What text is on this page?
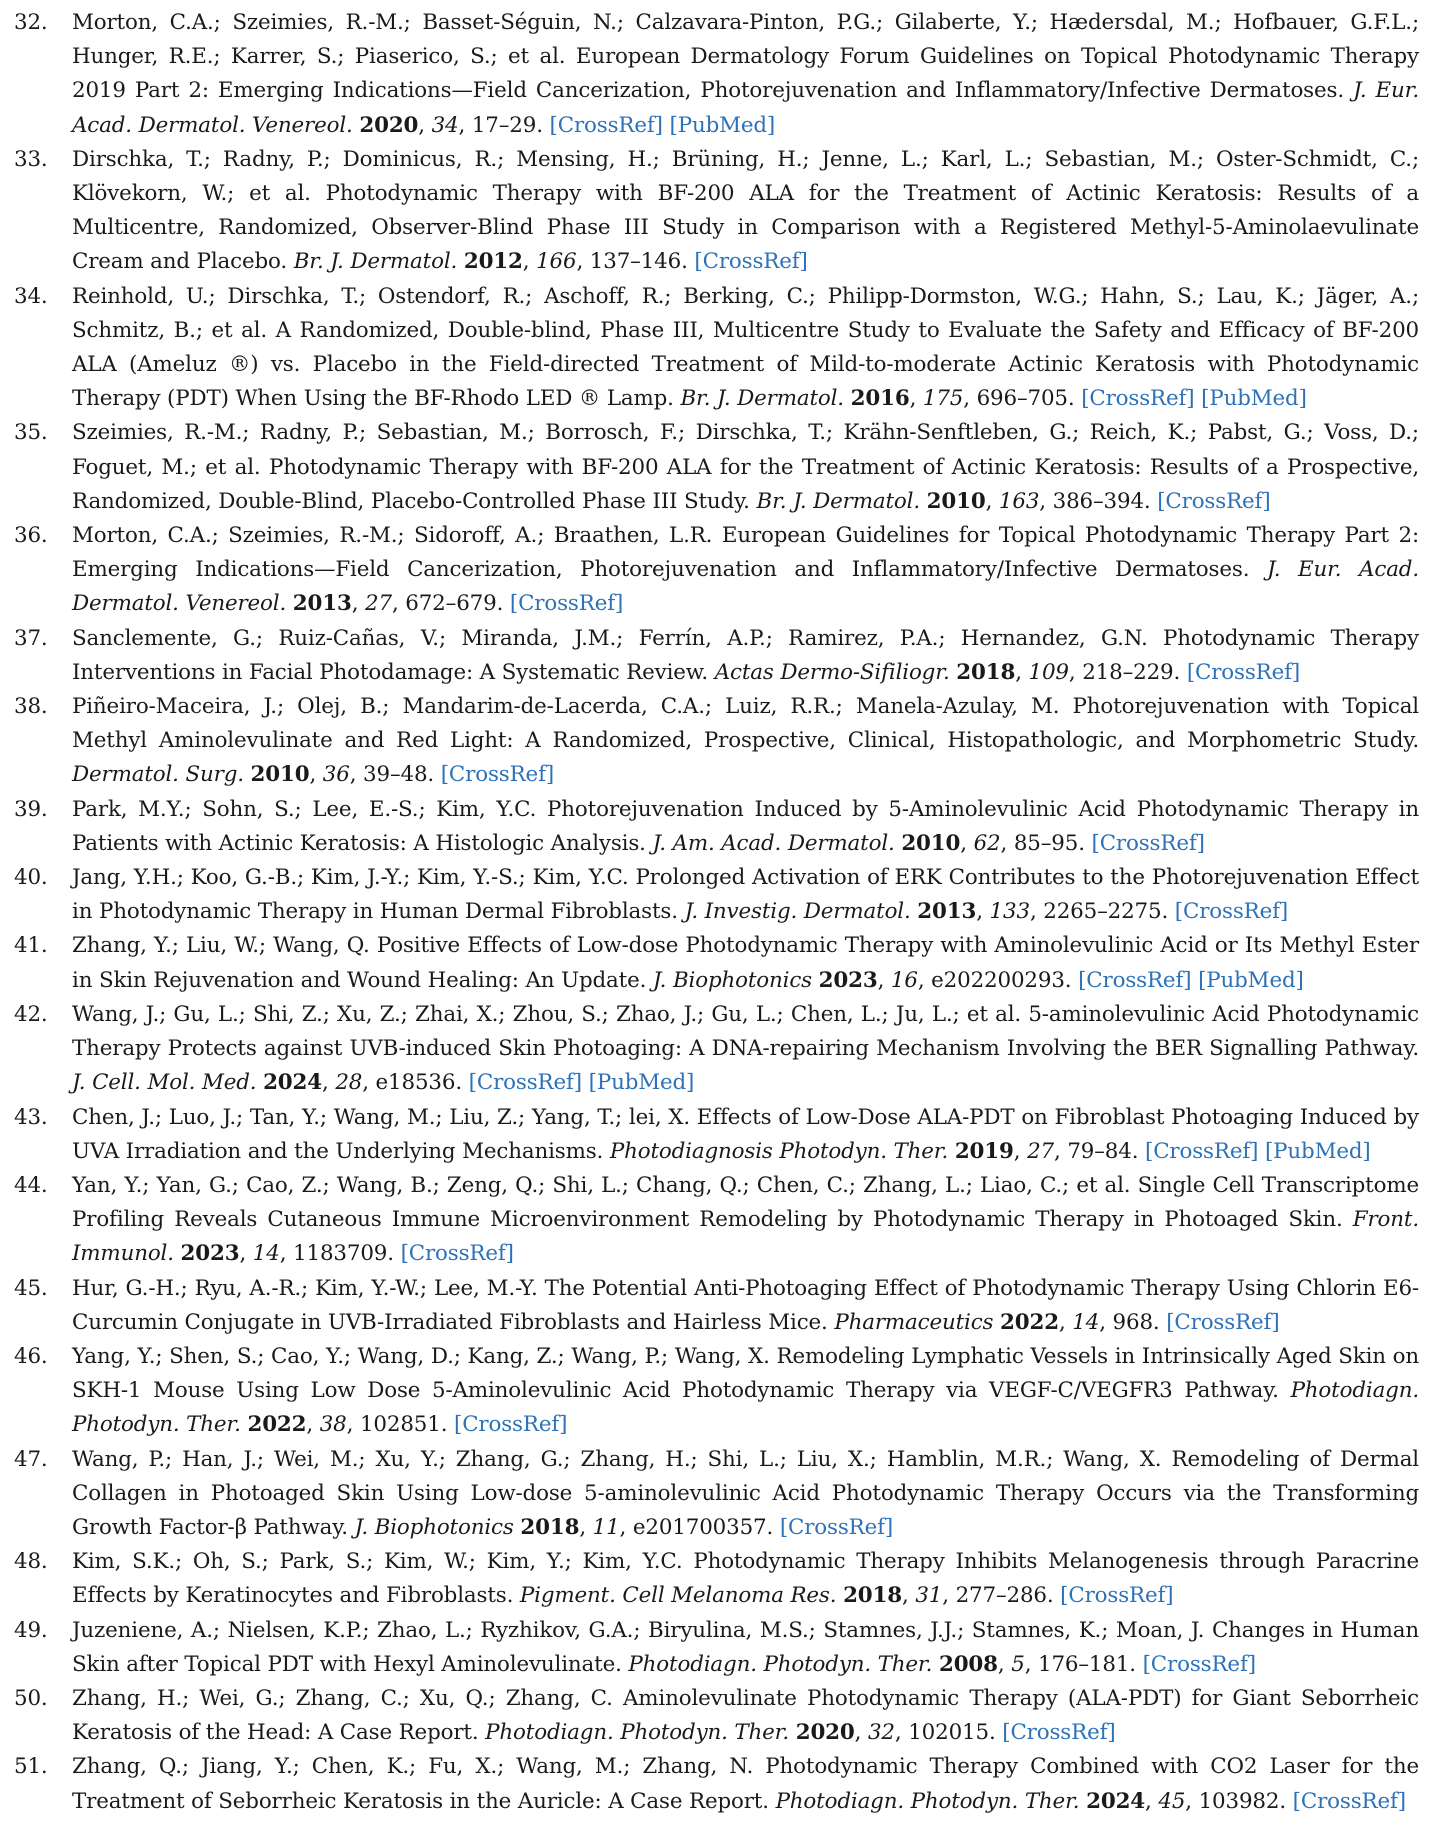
32.	Morton, C.A.; Szeimies, R.-M.; Basset-Séguin, N.; Calzavara-Pinton, P.G.; Gilaberte, Y.; Hædersdal, M.; Hofbauer, G.F.L.; Hunger, R.E.; Karrer, S.; Piaserico, S.; et al. European Dermatology Forum Guidelines on Topical Photodynamic Therapy 2019 Part 2: Emerging Indications—Field Cancerization, Photorejuvenation and Inflammatory/Infective Dermatoses. J. Eur. Acad. Dermatol. Venereol. 2020, 34, 17–29. [CrossRef] [PubMed]
33.	Dirschka, T.; Radny, P.; Dominicus, R.; Mensing, H.; Brüning, H.; Jenne, L.; Karl, L.; Sebastian, M.; Oster-Schmidt, C.; Klövekorn, W.; et al. Photodynamic Therapy with BF-200 ALA for the Treatment of Actinic Keratosis: Results of a Multicentre, Randomized, Observer-Blind Phase III Study in Comparison with a Registered Methyl-5-Aminolaevulinate Cream and Placebo. Br. J. Dermatol. 2012, 166, 137–146. [CrossRef]
34.	Reinhold, U.; Dirschka, T.; Ostendorf, R.; Aschoff, R.; Berking, C.; Philipp-Dormston, W.G.; Hahn, S.; Lau, K.; Jäger, A.; Schmitz, B.; et al. A Randomized, Double-blind, Phase III, Multicentre Study to Evaluate the Safety and Efficacy of BF-200 ALA (Ameluz ®) vs. Placebo in the Field-directed Treatment of Mild-to-moderate Actinic Keratosis with Photodynamic Therapy (PDT) When Using the BF-Rhodo LED ® Lamp. Br. J. Dermatol. 2016, 175, 696–705. [CrossRef] [PubMed]
35.	Szeimies, R.-M.; Radny, P.; Sebastian, M.; Borrosch, F.; Dirschka, T.; Krähn-Senftleben, G.; Reich, K.; Pabst, G.; Voss, D.; Foguet, M.; et al. Photodynamic Therapy with BF-200 ALA for the Treatment of Actinic Keratosis: Results of a Prospective, Randomized, Double-Blind, Placebo-Controlled Phase III Study. Br. J. Dermatol. 2010, 163, 386–394. [CrossRef]
36.	Morton, C.A.; Szeimies, R.-M.; Sidoroff, A.; Braathen, L.R. European Guidelines for Topical Photodynamic Therapy Part 2: Emerging Indications—Field Cancerization, Photorejuvenation and Inflammatory/Infective Dermatoses. J. Eur. Acad. Dermatol. Venereol. 2013, 27, 672–679. [CrossRef]
37.	Sanclemente, G.; Ruiz-Cañas, V.; Miranda, J.M.; Ferrín, A.P.; Ramirez, P.A.; Hernandez, G.N. Photodynamic Therapy Interventions in Facial Photodamage: A Systematic Review. Actas Dermo-Sifiliogr. 2018, 109, 218–229. [CrossRef]
38.	Piñeiro-Maceira, J.; Olej, B.; Mandarim-de-Lacerda, C.A.; Luiz, R.R.; Manela-Azulay, M. Photorejuvenation with Topical Methyl Aminolevulinate and Red Light: A Randomized, Prospective, Clinical, Histopathologic, and Morphometric Study. Dermatol. Surg. 2010, 36, 39–48. [CrossRef]
39.	Park, M.Y.; Sohn, S.; Lee, E.-S.; Kim, Y.C. Photorejuvenation Induced by 5-Aminolevulinic Acid Photodynamic Therapy in Patients with Actinic Keratosis: A Histologic Analysis. J. Am. Acad. Dermatol. 2010, 62, 85–95. [CrossRef]
40.	Jang, Y.H.; Koo, G.-B.; Kim, J.-Y.; Kim, Y.-S.; Kim, Y.C. Prolonged Activation of ERK Contributes to the Photorejuvenation Effect in Photodynamic Therapy in Human Dermal Fibroblasts. J. Investig. Dermatol. 2013, 133, 2265–2275. [CrossRef]
41.	Zhang, Y.; Liu, W.; Wang, Q. Positive Effects of Low-dose Photodynamic Therapy with Aminolevulinic Acid or Its Methyl Ester in Skin Rejuvenation and Wound Healing: An Update. J. Biophotonics 2023, 16, e202200293. [CrossRef] [PubMed]
42.	Wang, J.; Gu, L.; Shi, Z.; Xu, Z.; Zhai, X.; Zhou, S.; Zhao, J.; Gu, L.; Chen, L.; Ju, L.; et al. 5-aminolevulinic Acid Photodynamic Therapy Protects against UVB-induced Skin Photoaging: A DNA-repairing Mechanism Involving the BER Signalling Pathway. J. Cell. Mol. Med. 2024, 28, e18536. [CrossRef] [PubMed]
43.	Chen, J.; Luo, J.; Tan, Y.; Wang, M.; Liu, Z.; Yang, T.; lei, X. Effects of Low-Dose ALA-PDT on Fibroblast Photoaging Induced by UVA Irradiation and the Underlying Mechanisms. Photodiagnosis Photodyn. Ther. 2019, 27, 79–84. [CrossRef] [PubMed]
44.	Yan, Y.; Yan, G.; Cao, Z.; Wang, B.; Zeng, Q.; Shi, L.; Chang, Q.; Chen, C.; Zhang, L.; Liao, C.; et al. Single Cell Transcriptome Profiling Reveals Cutaneous Immune Microenvironment Remodeling by Photodynamic Therapy in Photoaged Skin. Front. Immunol. 2023, 14, 1183709. [CrossRef]
45.	Hur, G.-H.; Ryu, A.-R.; Kim, Y.-W.; Lee, M.-Y. The Potential Anti-Photoaging Effect of Photodynamic Therapy Using Chlorin E6-Curcumin Conjugate in UVB-Irradiated Fibroblasts and Hairless Mice. Pharmaceutics 2022, 14, 968. [CrossRef]
46.	Yang, Y.; Shen, S.; Cao, Y.; Wang, D.; Kang, Z.; Wang, P.; Wang, X. Remodeling Lymphatic Vessels in Intrinsically Aged Skin on SKH-1 Mouse Using Low Dose 5-Aminolevulinic Acid Photodynamic Therapy via VEGF-C/VEGFR3 Pathway. Photodiagn. Photodyn. Ther. 2022, 38, 102851. [CrossRef]
47.	Wang, P.; Han, J.; Wei, M.; Xu, Y.; Zhang, G.; Zhang, H.; Shi, L.; Liu, X.; Hamblin, M.R.; Wang, X. Remodeling of Dermal Collagen in Photoaged Skin Using Low-dose 5-aminolevulinic Acid Photodynamic Therapy Occurs via the Transforming Growth Factor-β Pathway. J. Biophotonics 2018, 11, e201700357. [CrossRef]
48.	Kim, S.K.; Oh, S.; Park, S.; Kim, W.; Kim, Y.; Kim, Y.C. Photodynamic Therapy Inhibits Melanogenesis through Paracrine Effects by Keratinocytes and Fibroblasts. Pigment. Cell Melanoma Res. 2018, 31, 277–286. [CrossRef]
49.	Juzeniene, A.; Nielsen, K.P.; Zhao, L.; Ryzhikov, G.A.; Biryulina, M.S.; Stamnes, J.J.; Stamnes, K.; Moan, J. Changes in Human Skin after Topical PDT with Hexyl Aminolevulinate. Photodiagn. Photodyn. Ther. 2008, 5, 176–181. [CrossRef]
50.	Zhang, H.; Wei, G.; Zhang, C.; Xu, Q.; Zhang, C. Aminolevulinate Photodynamic Therapy (ALA-PDT) for Giant Seborrheic Keratosis of the Head: A Case Report. Photodiagn. Photodyn. Ther. 2020, 32, 102015. [CrossRef]
51.	Zhang, Q.; Jiang, Y.; Chen, K.; Fu, X.; Wang, M.; Zhang, N. Photodynamic Therapy Combined with CO2 Laser for the Treatment of Seborrheic Keratosis in the Auricle: A Case Report. Photodiagn. Photodyn. Ther. 2024, 45, 103982. [CrossRef]
